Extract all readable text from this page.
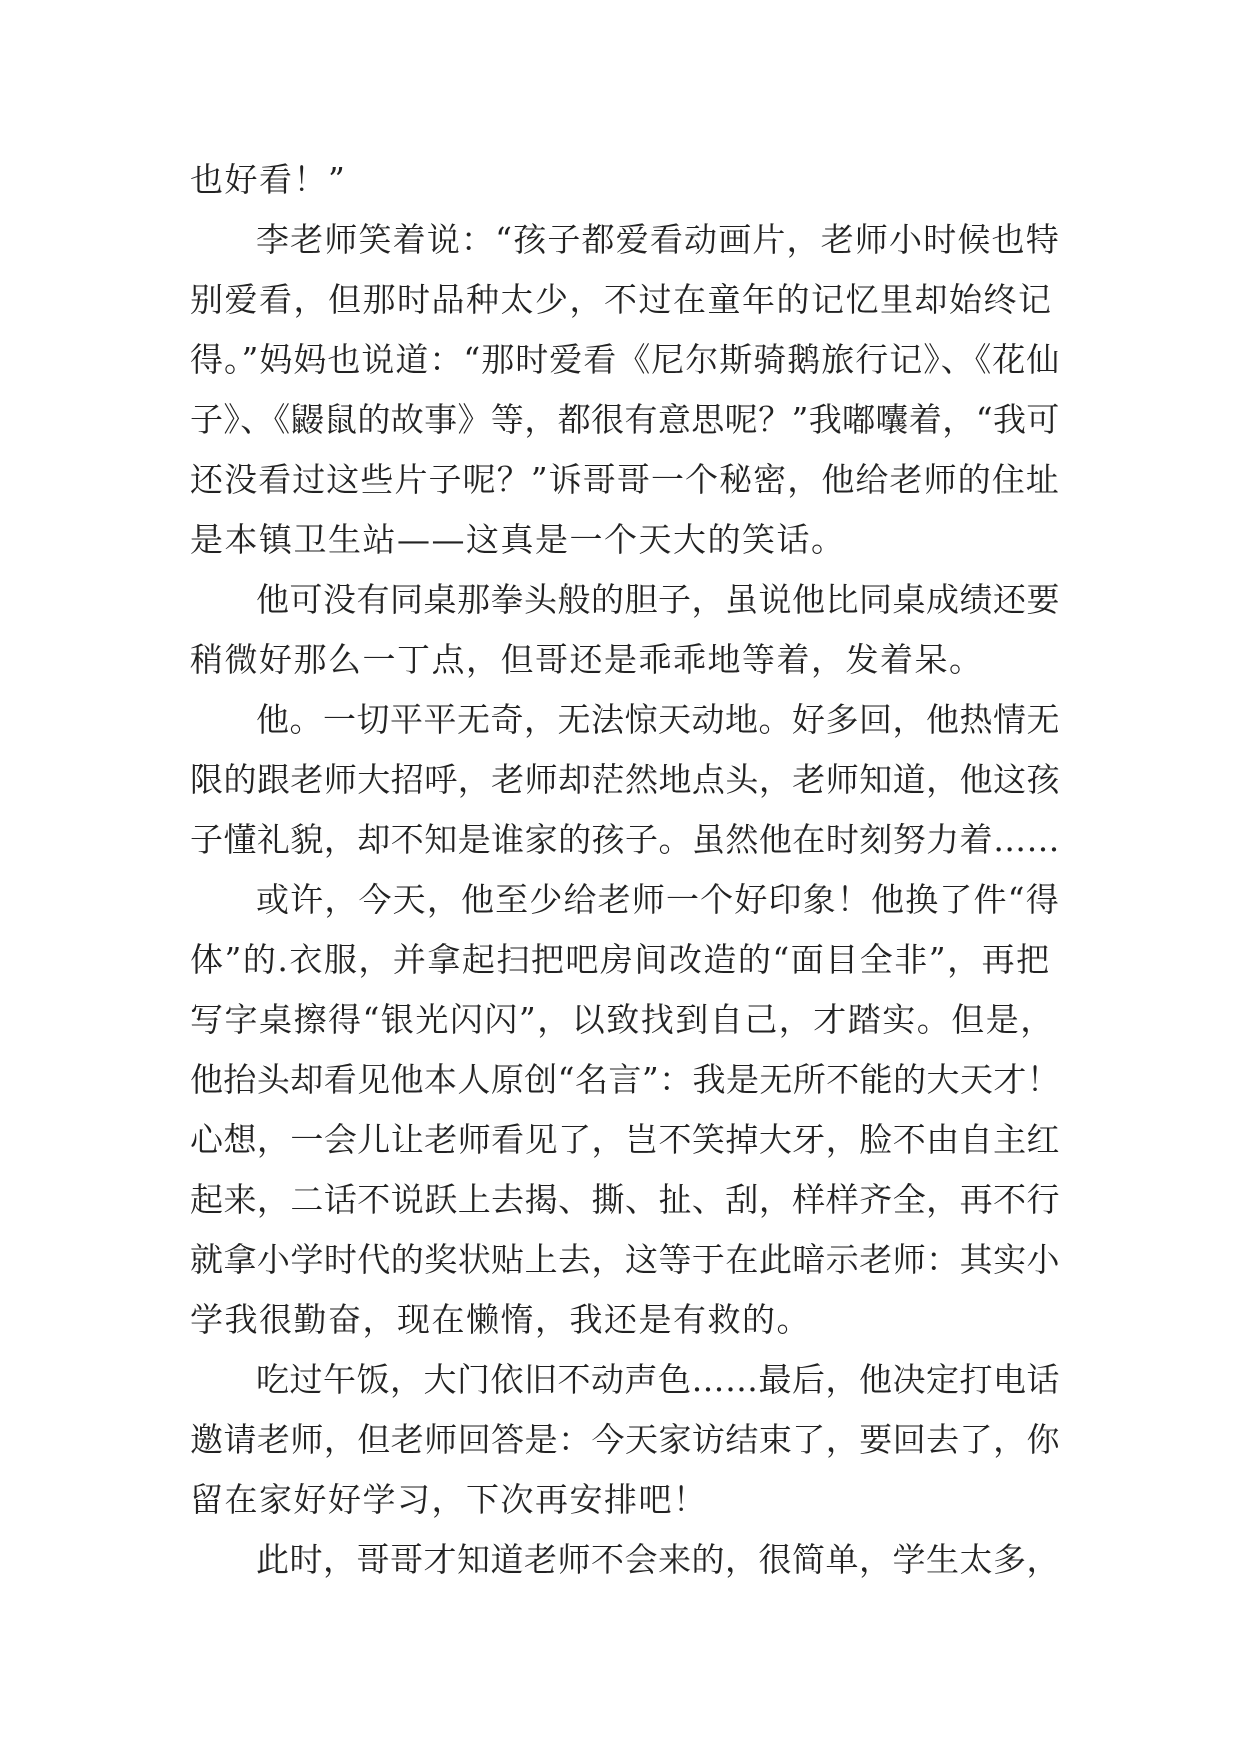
也好看！”
李老师笑着说：“孩子都爱看动画片，老师小时候也特
别爱看，但那时品种太少，不过在童年的记忆里却始终记
得。”妈妈也说道：“那时爱看《尼尔斯骑鹅旅行记》、《花仙
子》、《鼹鼠的故事》等，都很有意思呢？”我嘟囔着，“我可
还没看过这些片子呢？”诉哥哥一个秘密，他给老师的住址
是本镇卫生站——这真是一个天大的笑话。
他可没有同桌那拳头般的胆子，虽说他比同桌成绩还要
稍微好那么一丁点，但哥还是乖乖地等着，发着呆。
他。一切平平无奇，无法惊天动地。好多回，他热情无
限的跟老师大招呼，老师却茫然地点头，老师知道，他这孩
子懂礼貌，却不知是谁家的孩子。虽然他在时刻努力着……
或许，今天，他至少给老师一个好印象！他换了件“得
体”的.衣服，并拿起扫把吧房间改造的“面目全非”，再把
写字桌擦得“银光闪闪”，以致找到自己，才踏实。但是，
他抬头却看见他本人原创“名言”：我是无所不能的大天才！
心想，一会儿让老师看见了，岂不笑掉大牙，脸不由自主红
起来，二话不说跃上去揭、撕、扯、刮，样样齐全，再不行
就拿小学时代的奖状贴上去，这等于在此暗示老师：其实小
学我很勤奋，现在懒惰，我还是有救的。
吃过午饭，大门依旧不动声色……最后，他决定打电话
邀请老师，但老师回答是：今天家访结束了，要回去了，你
留在家好好学习，下次再安排吧！
此时，哥哥才知道老师不会来的，很简单，学生太多，
